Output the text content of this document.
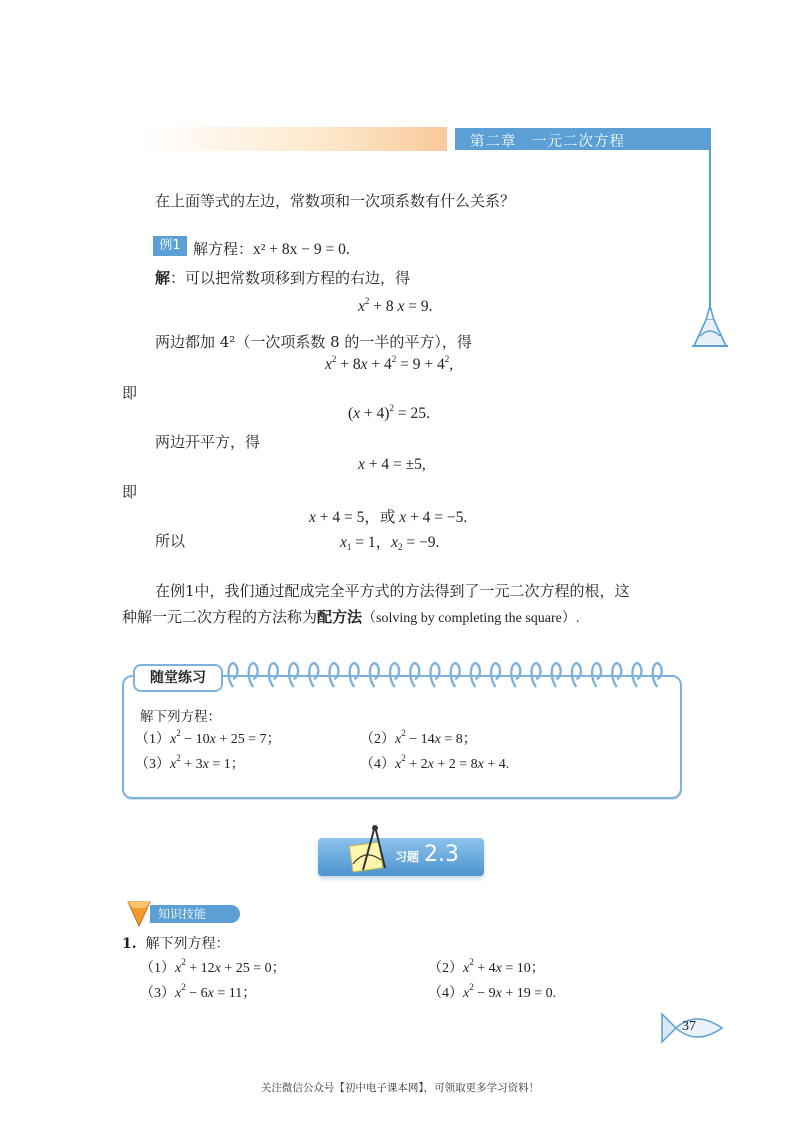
第二章　一元二次方程
在上面等式的左边，常数项和一次项系数有什么关系？
例1 解方程：x² + 8x − 9 = 0.
解：可以把常数项移到方程的右边，得
$x^2 + 8$ x = 9.
两边都加 4²（一次项系数 8 的一半的平方），得
$x^2 + 8x + 4^2 = 9 + 4^2$,
即
$(x + 4)^2 = 25$.
两边开平方，得
x + 4 = ±5,
即
x + 4 = 5，或 x + 4 = −5.
所以	$x_1 = 1$，$x_2 = -9$.
在例1中，我们通过配成完全平方式的方法得到了一元二次方程的根，这
种解一元二次方程的方法称为配方法（solving by completing the square）.
随堂练习
解下列方程：
$(1)x^2 - 10x + 25 = 7$；	$(2)x^2 - 14x = 8$；
$(3)x^2 + 3x = 1$；	$(4)x^2 + 2x + 2 = 8x + 4$.
习题 2.3
知识技能
1. 解下列方程：
$(1)x^2 + 12x + 25 = 0$；	$(2)x^2 + 4x = 10$；
$(3)x^2 - 6x = 11$；	$(4)x^2 - 9x + 19 = 0$.
37
关注微信公众号【初中电子课本网】，可领取更多学习资料！
